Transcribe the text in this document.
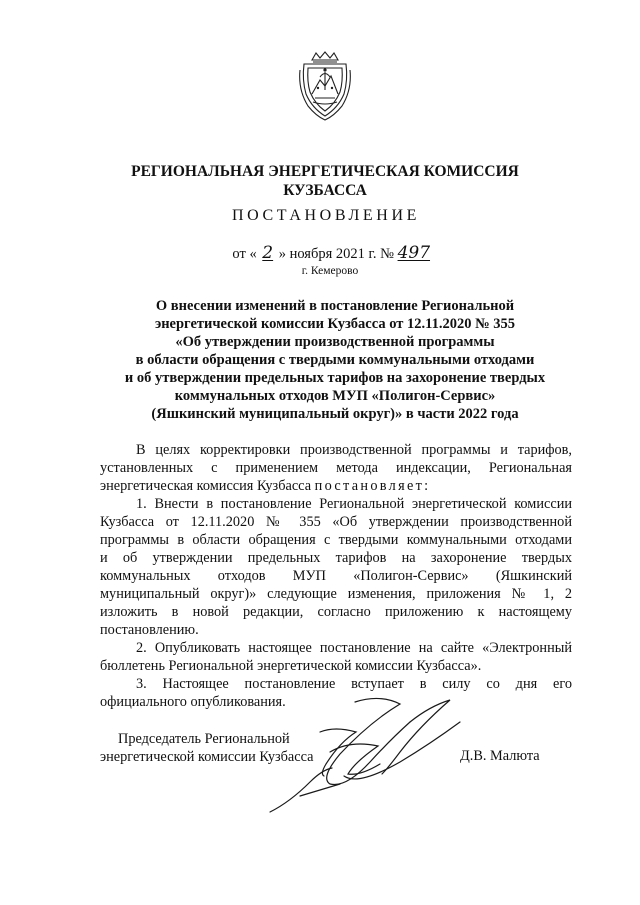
РЕГИОНАЛЬНАЯ ЭНЕРГЕТИЧЕСКАЯ КОМИССИЯ
КУЗБАССА
ПОСТАНОВЛЕНИЕ
от « 2 » ноября 2021 г. № 497
г. Кемерово
О внесении изменений в постановление Региональной
энергетической комиссии Кузбасса от 12.11.2020 № 355
«Об утверждении производственной программы
в области обращения с твердыми коммунальными отходами
и об утверждении предельных тарифов на захоронение твердых
коммунальных отходов МУП «Полигон-Сервис»
(Яшкинский муниципальный округ)» в части 2022 года
В целях корректировки производственной программы и тарифов,
установленных с применением метода индексации, Региональная
энергетическая комиссия Кузбасса постановляет:
1. Внести в постановление Региональной энергетической комиссии
Кузбасса от 12.11.2020 № 355 «Об утверждении производственной
программы в области обращения с твердыми коммунальными отходами
и об утверждении предельных тарифов на захоронение твердых
коммунальных отходов МУП «Полигон-Сервис» (Яшкинский
муниципальный округ)» следующие изменения, приложения № 1, 2
изложить в новой редакции, согласно приложению к настоящему
постановлению.
2. Опубликовать настоящее постановление на сайте «Электронный
бюллетень Региональной энергетической комиссии Кузбасса».
3. Настоящее постановление вступает в силу со дня его
официального опубликования.
Председатель Региональной
энергетической комиссии Кузбасса	Д.В. Малюта
